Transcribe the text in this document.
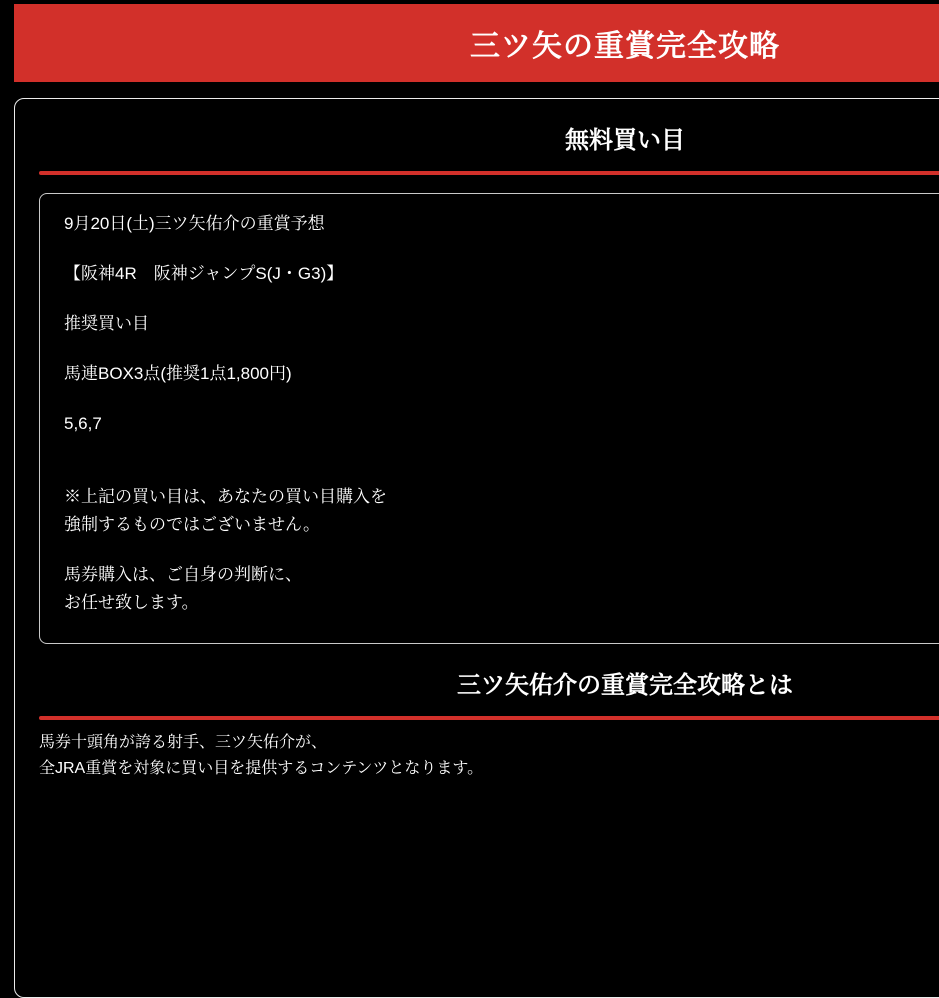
三ツ矢の重賞完全攻略
無料買い目
9月20日(土)三ツ矢佑介の重賞予想
【阪神4R　阪神ジャンプS(J・G3)】
推奨買い目
馬連BOX3点(推奨1点1,800円)
5,6,7
※上記の買い目は、あなたの買い目購入を
強制するものではございません。
馬券購入は、ご自身の判断に、
お任せ致します。
三ツ矢佑介の重賞完全攻略とは
馬券十頭角が誇る射手、三ツ矢佑介が、
全JRA重賞を対象に買い目を提供するコンテンツとなります。
